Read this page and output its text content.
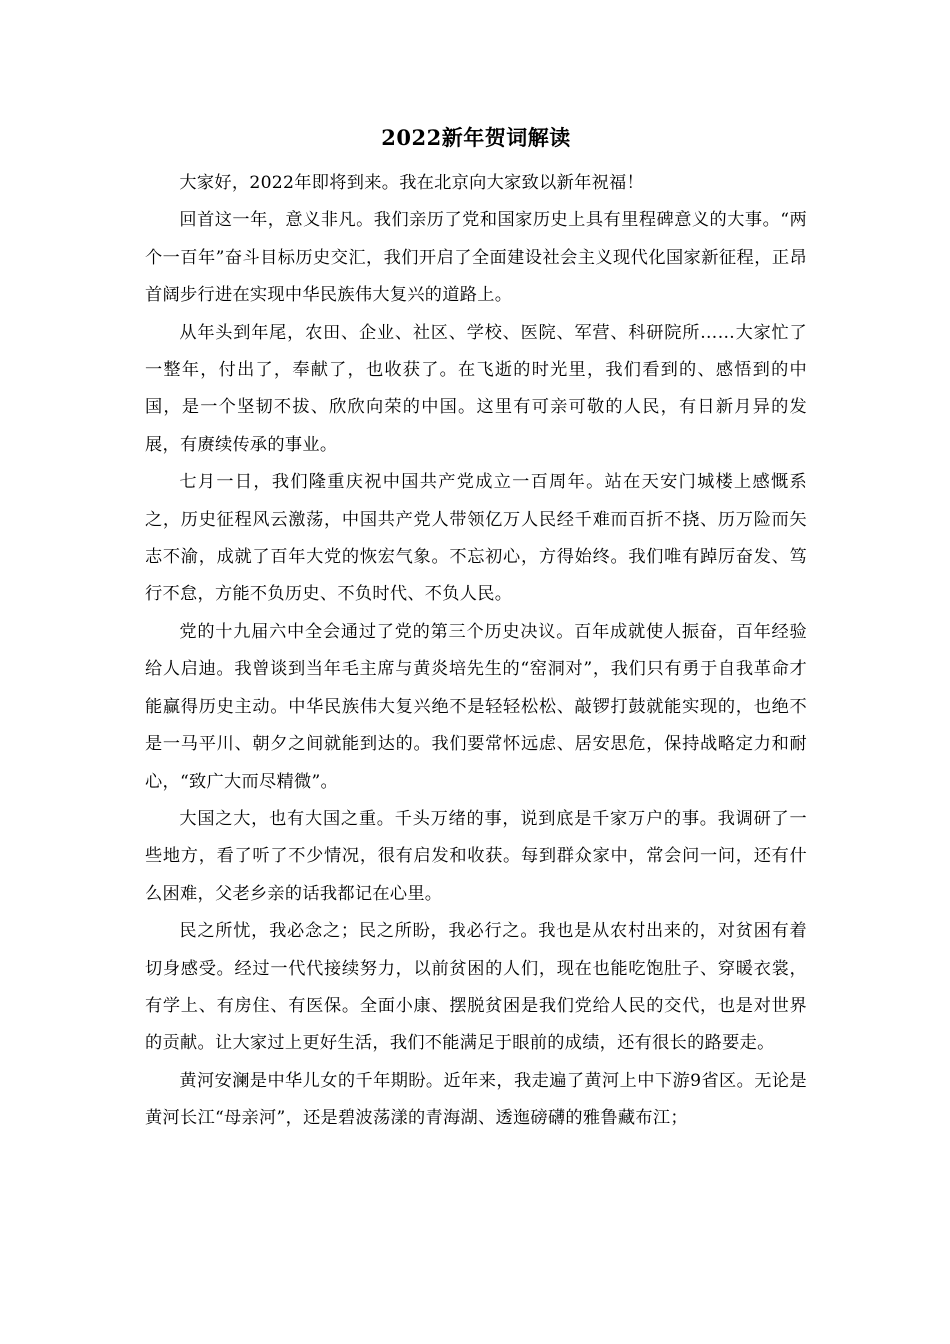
2022新年贺词解读

大家好，2022年即将到来。我在北京向大家致以新年祝福！

回首这一年，意义非凡。我们亲历了党和国家历史上具有里程碑意义的大事。“两个一百年”奋斗目标历史交汇，我们开启了全面建设社会主义现代化国家新征程，正昂首阔步行进在实现中华民族伟大复兴的道路上。

从年头到年尾，农田、企业、社区、学校、医院、军营、科研院所……大家忙了一整年，付出了，奉献了，也收获了。在飞逝的时光里，我们看到的、感悟到的中国，是一个坚韧不拔、欣欣向荣的中国。这里有可亲可敬的人民，有日新月异的发展，有赓续传承的事业。

七月一日，我们隆重庆祝中国共产党成立一百周年。站在天安门城楼上感慨系之，历史征程风云激荡，中国共产党人带领亿万人民经千难而百折不挠、历万险而矢志不渝，成就了百年大党的恢宏气象。不忘初心，方得始终。我们唯有踔厉奋发、笃行不怠，方能不负历史、不负时代、不负人民。

党的十九届六中全会通过了党的第三个历史决议。百年成就使人振奋，百年经验给人启迪。我曾谈到当年毛主席与黄炎培先生的“窑洞对”，我们只有勇于自我革命才能赢得历史主动。中华民族伟大复兴绝不是轻轻松松、敲锣打鼓就能实现的，也绝不是一马平川、朝夕之间就能到达的。我们要常怀远虑、居安思危，保持战略定力和耐心，“致广大而尽精微”。

大国之大，也有大国之重。千头万绪的事，说到底是千家万户的事。我调研了一些地方，看了听了不少情况，很有启发和收获。每到群众家中，常会问一问，还有什么困难，父老乡亲的话我都记在心里。

民之所忧，我必念之；民之所盼，我必行之。我也是从农村出来的，对贫困有着切身感受。经过一代代接续努力，以前贫困的人们，现在也能吃饱肚子、穿暖衣裳，有学上、有房住、有医保。全面小康、摆脱贫困是我们党给人民的交代，也是对世界的贡献。让大家过上更好生活，我们不能满足于眼前的成绩，还有很长的路要走。

黄河安澜是中华儿女的千年期盼。近年来，我走遍了黄河上中下游9省区。无论是黄河长江“母亲河”，还是碧波荡漾的青海湖、透迤磅礴的雅鲁藏布江；
